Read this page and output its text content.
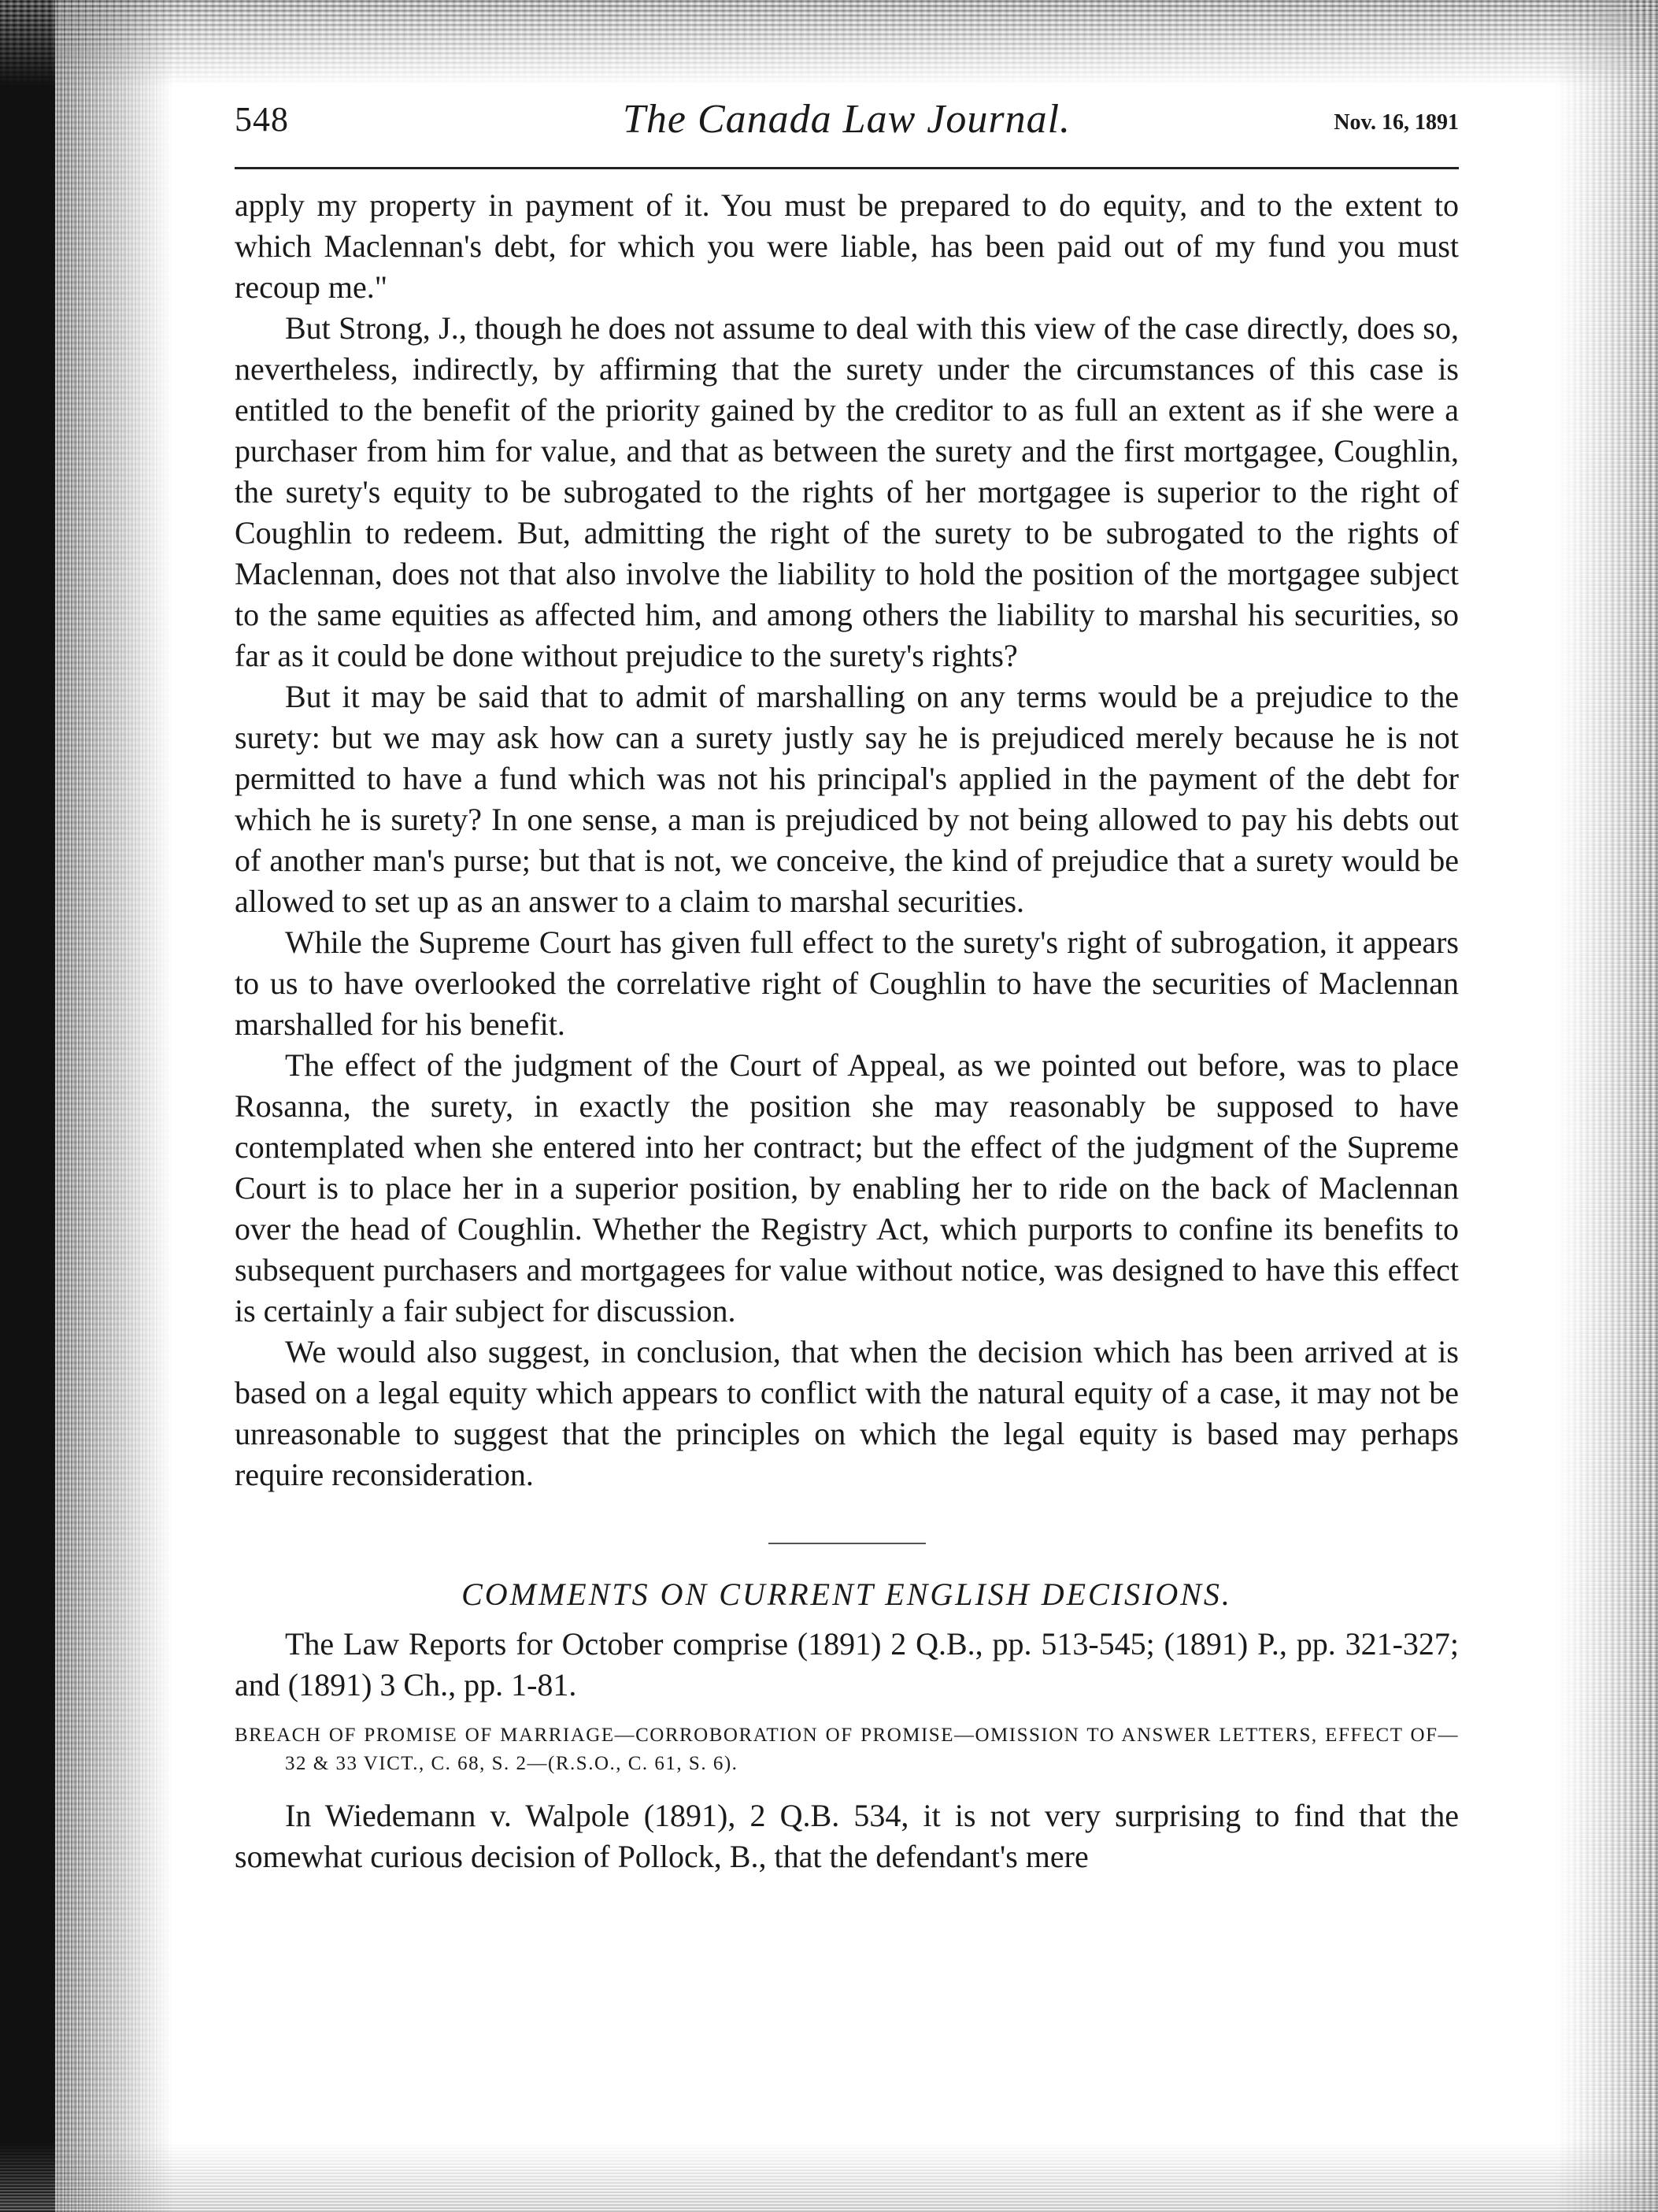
548	The Canada Law Journal.	Nov. 16, 1891

apply my property in payment of it. You must be prepared to do equity, and to the extent to which Maclennan's debt, for which you were liable, has been paid out of my fund you must recoup me."

But Strong, J., though he does not assume to deal with this view of the case directly, does so, nevertheless, indirectly, by affirming that the surety under the circumstances of this case is entitled to the benefit of the priority gained by the creditor to as full an extent as if she were a purchaser from him for value, and that as between the surety and the first mortgagee, Coughlin, the surety's equity to be subrogated to the rights of her mortgagee is superior to the right of Coughlin to redeem. But, admitting the right of the surety to be subrogated to the rights of Maclennan, does not that also involve the liability to hold the position of the mortgagee subject to the same equities as affected him, and among others the liability to marshal his securities, so far as it could be done without prejudice to the surety's rights?

But it may be said that to admit of marshalling on any terms would be a prejudice to the surety: but we may ask how can a surety justly say he is prejudiced merely because he is not permitted to have a fund which was not his principal's applied in the payment of the debt for which he is surety? In one sense, a man is prejudiced by not being allowed to pay his debts out of another man's purse; but that is not, we conceive, the kind of prejudice that a surety would be allowed to set up as an answer to a claim to marshal securities.

While the Supreme Court has given full effect to the surety's right of subrogation, it appears to us to have overlooked the correlative right of Coughlin to have the securities of Maclennan marshalled for his benefit.

The effect of the judgment of the Court of Appeal, as we pointed out before, was to place Rosanna, the surety, in exactly the position she may reasonably be supposed to have contemplated when she entered into her contract; but the effect of the judgment of the Supreme Court is to place her in a superior position, by enabling her to ride on the back of Maclennan over the head of Coughlin. Whether the Registry Act, which purports to confine its benefits to subsequent purchasers and mortgagees for value without notice, was designed to have this effect is certainly a fair subject for discussion.

We would also suggest, in conclusion, that when the decision which has been arrived at is based on a legal equity which appears to conflict with the natural equity of a case, it may not be unreasonable to suggest that the principles on which the legal equity is based may perhaps require reconsideration.

COMMENTS ON CURRENT ENGLISH DECISIONS.

The Law Reports for October comprise (1891) 2 Q.B., pp. 513-545; (1891) P., pp. 321-327; and (1891) 3 Ch., pp. 1-81.

BREACH OF PROMISE OF MARRIAGE—CORROBORATION OF PROMISE—OMISSION TO ANSWER LETTERS, EFFECT OF—32 & 33 VICT., C. 68, S. 2—(R.S.O., C. 61, S. 6).

In Wiedemann v. Walpole (1891), 2 Q.B. 534, it is not very surprising to find that the somewhat curious decision of Pollock, B., that the defendant's mere
